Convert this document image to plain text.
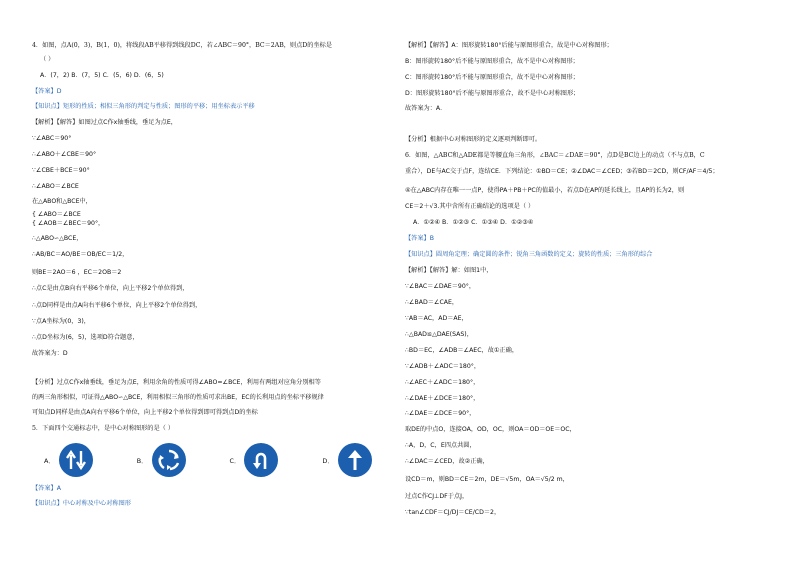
4．如图，点A(0，3)，B(1，0)，将线段AB平移得到线段DC，若∠ABC＝90°，BC＝2AB，则点D的坐标是
（ ）
A．(7，2) B．(7，5) C．(5，6) D．(6，5)
【答案】D
【知识点】矩形的性质；相似三角形的判定与性质；图形的平移；用坐标表示平移
【解析】【解答】如图过点C作x轴垂线，垂足为点E，
∵∠ABC＝90°
∴∠ABO＋∠CBE＝90°
∵∠CBE＋BCE＝90°
∴∠ABO＝∠BCE
在△ABO和△BCE中，
{ ∠ABO＝∠BCE
{ ∠AOB＝∠BEC＝90°，
∴△ABO∽△BCE，
∴AB/BC＝AO/BE＝OB/EC＝1/2，
则BE＝2AO＝6 ，EC＝2OB＝2
∴点C是由点B向右平移6个单位，向上平移2个单位得到，
∴点D同样是由点A向右平移6个单位，向上平移2个单位得到，
∵点A坐标为(0，3)，
∴点D坐标为(6，5)，选项D符合题意，
故答案为：D
【分析】过点C作x轴垂线，垂足为点E，利用余角的性质可得∠ABO=∠BCE，利用有两组对应角分别相等
的两三角形相似，可证得△ABO∽△BCE，利用相似三角形的性质可求出BE，EC的长利用点的坐标平移规律
可知点D同样是由点A向右平移6个单位，向上平移2个单位得到即可得到点D的坐标
5．下面四个交通标志中，是中心对称图形的是（ ）
A．	B．	C．	D．
【答案】A
【知识点】中心对称及中心对称图形
【解析】【解答】A：图形旋转180°后能与原图形重合，故是中心对称图形；
B：图形旋转180°后不能与原图形重合，故不是中心对称图形；
C：图形旋转180°后不能与原图形重合，故不是中心对称图形；
D：图形旋转180°后不能与原图形重合，故不是中心对称图形；
故答案为：A．
【分析】根据中心对称图形的定义逐项判断即可。
6．如图，△ABC和△ADE都是等腰直角三角形，∠BAC＝∠DAE＝90°，点D是BC边上的动点（不与点B，C
重合），DE与AC交于点F，连结CE．下列结论：①BD＝CE；②∠DAC＝∠CED；③若BD＝2CD，则CF/AF＝4/5；
④在△ABC内存在唯一一点P，使得PA＋PB＋PC的值最小，若点D在AP的延长线上，且AP的长为2，则
CE＝2＋√3.其中含所有正确结论的选项是（ ）
A．①②④ B．①②③ C．①③④ D．①②③④
【答案】B
【知识点】圆周角定理；确定圆的条件；锐角三角函数的定义；旋转的性质；三角形的综合
【解析】【解答】解：如图1中，
∵∠BAC＝∠DAE＝90°，
∴∠BAD＝∠CAE，
∵AB＝AC，AD＝AE，
∴△BAD≌△DAE(SAS)，
∴BD＝EC，∠ADB＝∠AEC，故①正确，
∵∠ADB＋∠ADC＝180°，
∴∠AEC＋∠ADC＝180°，
∴∠DAE＋∠DCE＝180°，
∴∠DAE＝∠DCE＝90°，
取DE的中点O，连接OA，OD，OC，则OA＝OD＝OE＝OC，
∴A，D，C，E四点共圆，
∴∠DAC＝∠CED，故②正确，
设CD＝m，则BD＝CE＝2m，DE＝√5m，OA＝√5/2 m，
过点C作CJ⊥DF于点J，
∵tan∠CDF＝CJ/DJ＝CE/CD＝2，
